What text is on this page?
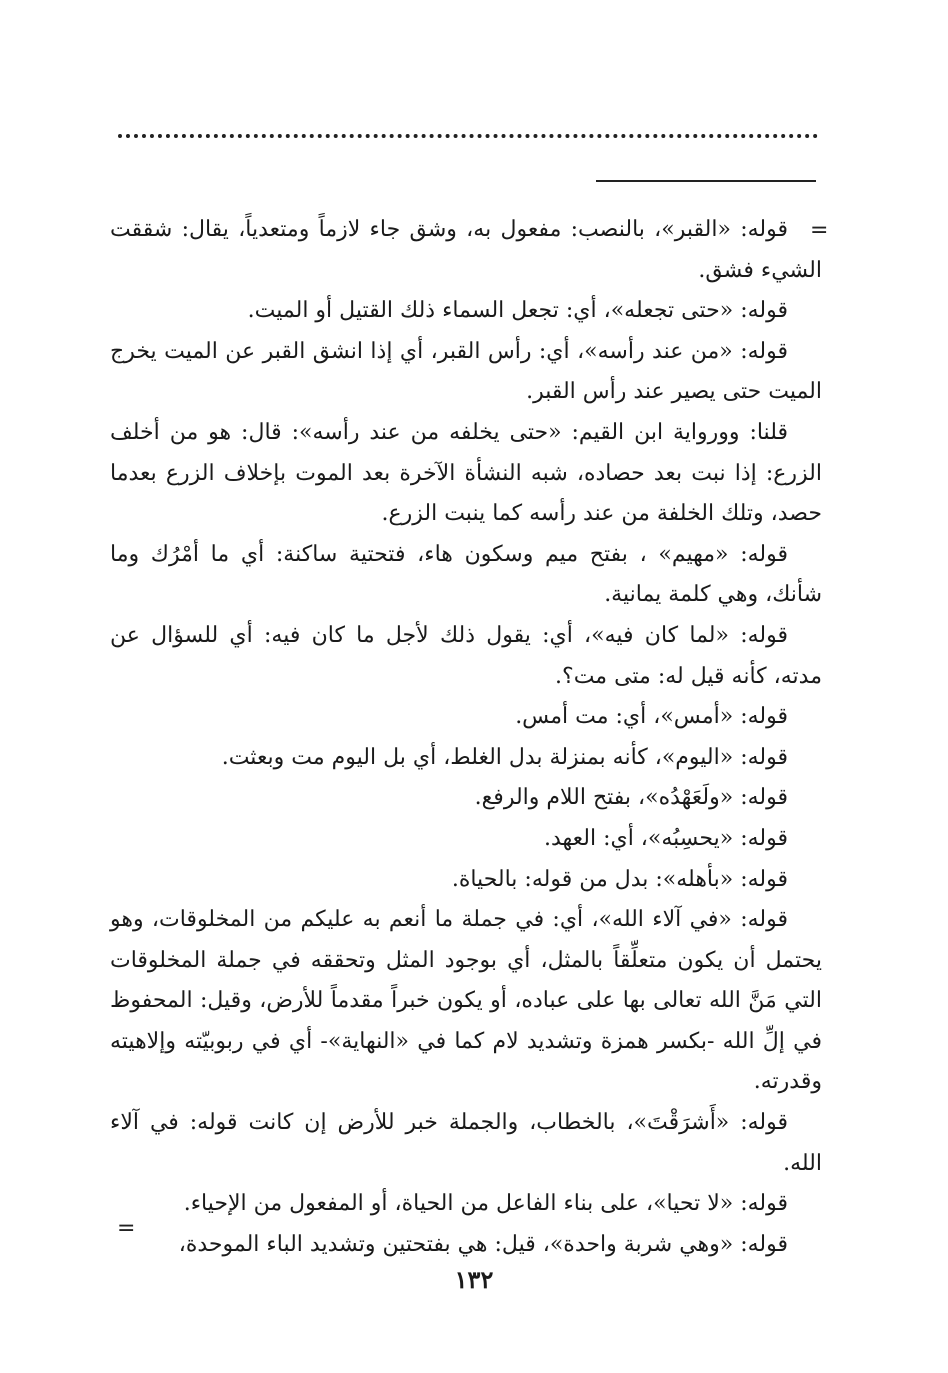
=

قوله: «القبر»، بالنصب: مفعول به، وشق جاء لازماً ومتعدياً، يقال: شققت الشيء فشق.

قوله: «حتى تجعله»، أي: تجعل السماء ذلك القتيل أو الميت.

قوله: «من عند رأسه»، أي: رأس القبر، أي إذا انشق القبر عن الميت يخرج الميت حتى يصير عند رأس القبر.

قلنا: وورواية ابن القيم: «حتى يخلفه من عند رأسه»: قال: هو من أخلف الزرع: إذا نبت بعد حصاده، شبه النشأة الآخرة بعد الموت بإخلاف الزرع بعدما حصد، وتلك الخلفة من عند رأسه كما ينبت الزرع.

قوله: «مهيم» ، بفتح ميم وسكون هاء، فتحتية ساكنة: أي ما أمْرُك وما شأنك، وهي كلمة يمانية.

قوله: «لما كان فيه»، أي: يقول ذلك لأجل ما كان فيه: أي للسؤال عن مدته، كأنه قيل له: متى مت؟.

قوله: «أمس»، أي: مت أمس.

قوله: «اليوم»، كأنه بمنزلة بدل الغلط، أي بل اليوم مت وبعثت.

قوله: «ولَعَهْدُه»، بفتح اللام والرفع.

قوله: «يحسِبُه»، أي: العهد.

قوله: «بأهله»: بدل من قوله: بالحياة.

قوله: «في آلاء الله»، أي: في جملة ما أنعم به عليكم من المخلوقات، وهو يحتمل أن يكون متعلِّقاً بالمثل، أي بوجود المثل وتحققه في جملة المخلوقات التي مَنَّ الله تعالى بها على عباده، أو يكون خبراً مقدماً للأرض، وقيل: المحفوظ في إلِّ الله -بكسر همزة وتشديد لام كما في «النهاية»- أي في ربوبيّته وإلاهيته وقدرته.

قوله: «أَشرَقْتَ»، بالخطاب، والجملة خبر للأرض إن كانت قوله: في آلاء الله.

قوله: «لا تحيا»، على بناء الفاعل من الحياة، أو المفعول من الإحياء.

قوله: «وهي شربة واحدة»، قيل: هي بفتحتين وتشديد الباء الموحدة،

=
١٣٢
